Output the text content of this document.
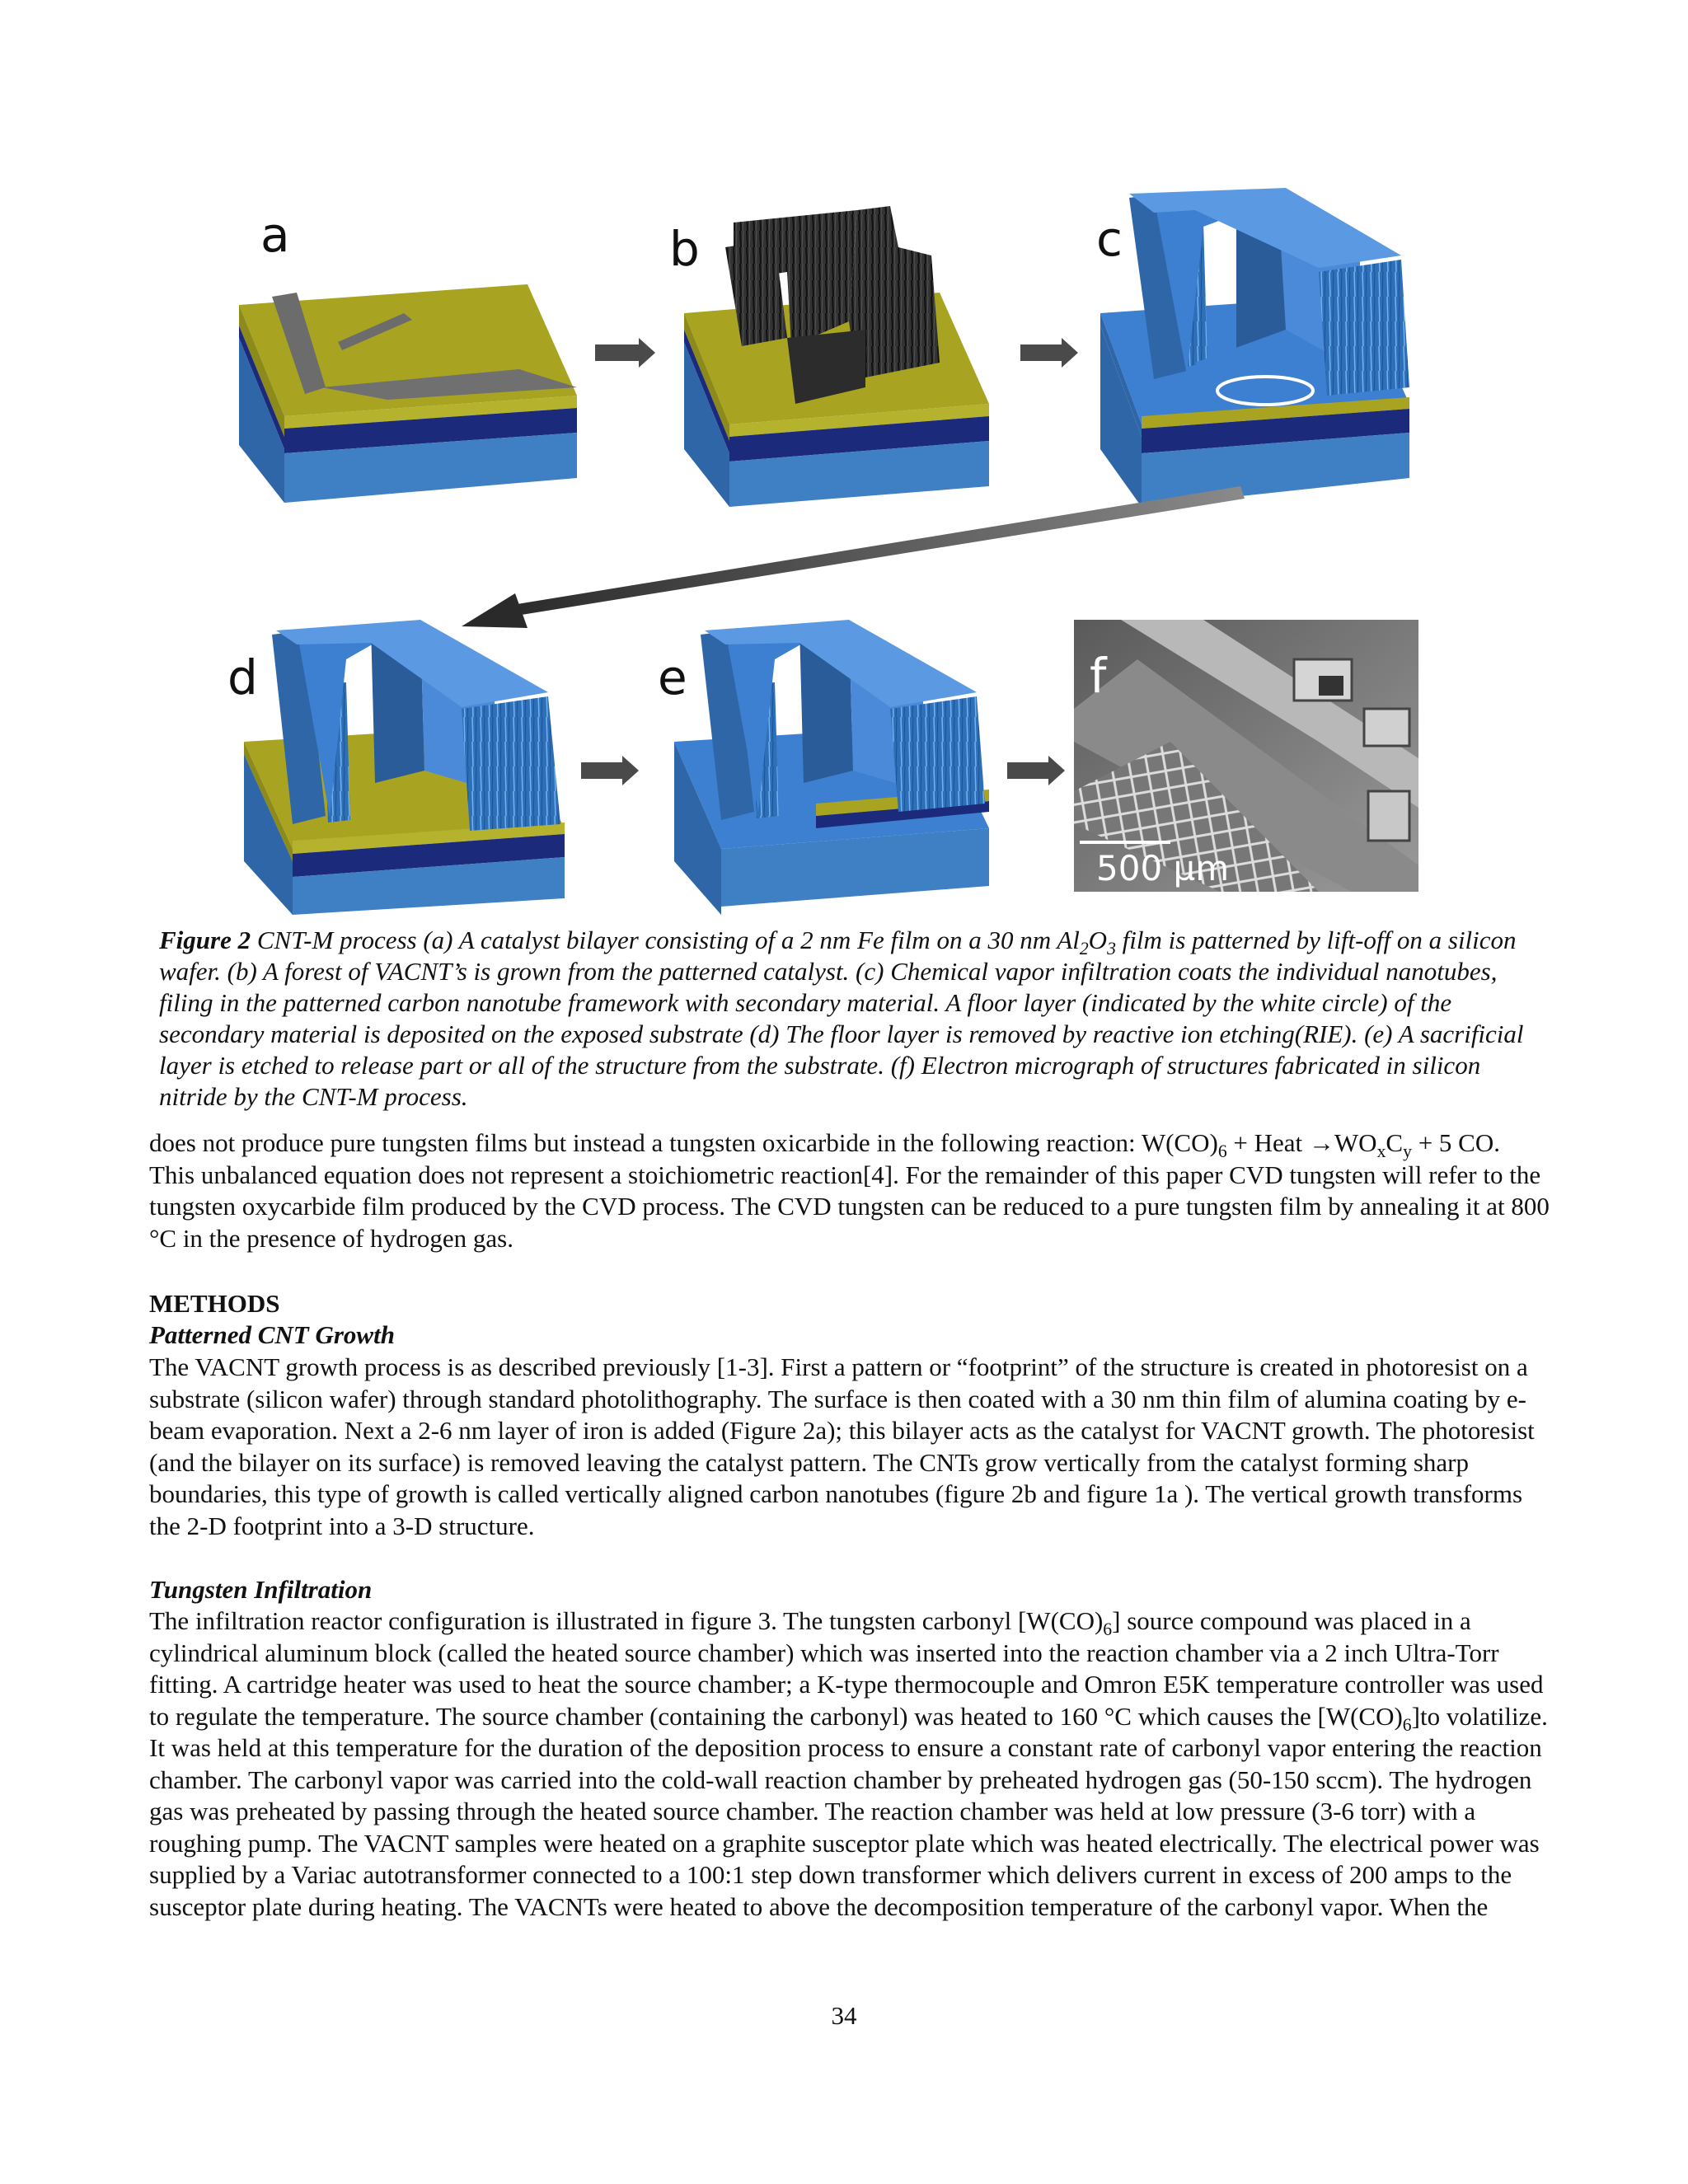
a	b	c
d	e	f
500 µm
Figure 2 CNT-M process (a) A catalyst bilayer consisting of a 2 nm Fe film on a 30 nm $Al_2O_3$ film is patterned by lift-off on a silicon wafer. (b) A forest of VACNT’s is grown from the patterned catalyst. (c) Chemical vapor infiltration coats the individual nanotubes, filing in the patterned carbon nanotube framework with secondary material. A floor layer (indicated by the white circle) of the secondary material is deposited on the exposed substrate (d) The floor layer is removed by reactive ion etching(RIE). (e) A sacrificial layer is etched to release part or all of the structure from the substrate. (f) Electron micrograph of structures fabricated in silicon nitride by the CNT-M process.

does not produce pure tungsten films but instead a tungsten oxicarbide in the following reaction: $W(CO)_6$ + Heat $\to WO_xC_y + 5$ CO. This unbalanced equation does not represent a stoichiometric reaction[4]. For the remainder of this paper CVD tungsten will refer to the tungsten oxycarbide film produced by the CVD process. The CVD tungsten can be reduced to a pure tungsten film by annealing it at 800 °C in the presence of hydrogen gas.

METHODS
Patterned CNT Growth

The VACNT growth process is as described previously [1-3]. First a pattern or “footprint” of the structure is created in photoresist on a substrate (silicon wafer) through standard photolithography. The surface is then coated with a 30 nm thin film of alumina coating by e-beam evaporation. Next a 2-6 nm layer of iron is added (Figure 2a); this bilayer acts as the catalyst for VACNT growth. The photoresist (and the bilayer on its surface) is removed leaving the catalyst pattern. The CNTs grow vertically from the catalyst forming sharp boundaries, this type of growth is called vertically aligned carbon nanotubes (figure 2b and figure 1a ). The vertical growth transforms the 2-D footprint into a 3-D structure.

Tungsten Infiltration

The infiltration reactor configuration is illustrated in figure 3. The tungsten carbonyl $[W(CO)_6]$ source compound was placed in a cylindrical aluminum block (called the heated source chamber) which was inserted into the reaction chamber via a 2 inch Ultra-Torr fitting. A cartridge heater was used to heat the source chamber; a K-type thermocouple and Omron E5K temperature controller was used to regulate the temperature. The source chamber (containing the carbonyl) was heated to 160 °C which causes the $[W(CO)_6]to$ volatilize. It was held at this temperature for the duration of the deposition process to ensure a constant rate of carbonyl vapor entering the reaction chamber. The carbonyl vapor was carried into the cold-wall reaction chamber by preheated hydrogen gas (50-150 sccm). The hydrogen gas was preheated by passing through the heated source chamber. The reaction chamber was held at low pressure (3-6 torr) with a roughing pump. The VACNT samples were heated on a graphite susceptor plate which was heated electrically. The electrical power was supplied by a Variac autotransformer connected to a 100:1 step down transformer which delivers current in excess of 200 amps to the susceptor plate during heating. The VACNTs were heated to above the decomposition temperature of the carbonyl vapor. When the

34
